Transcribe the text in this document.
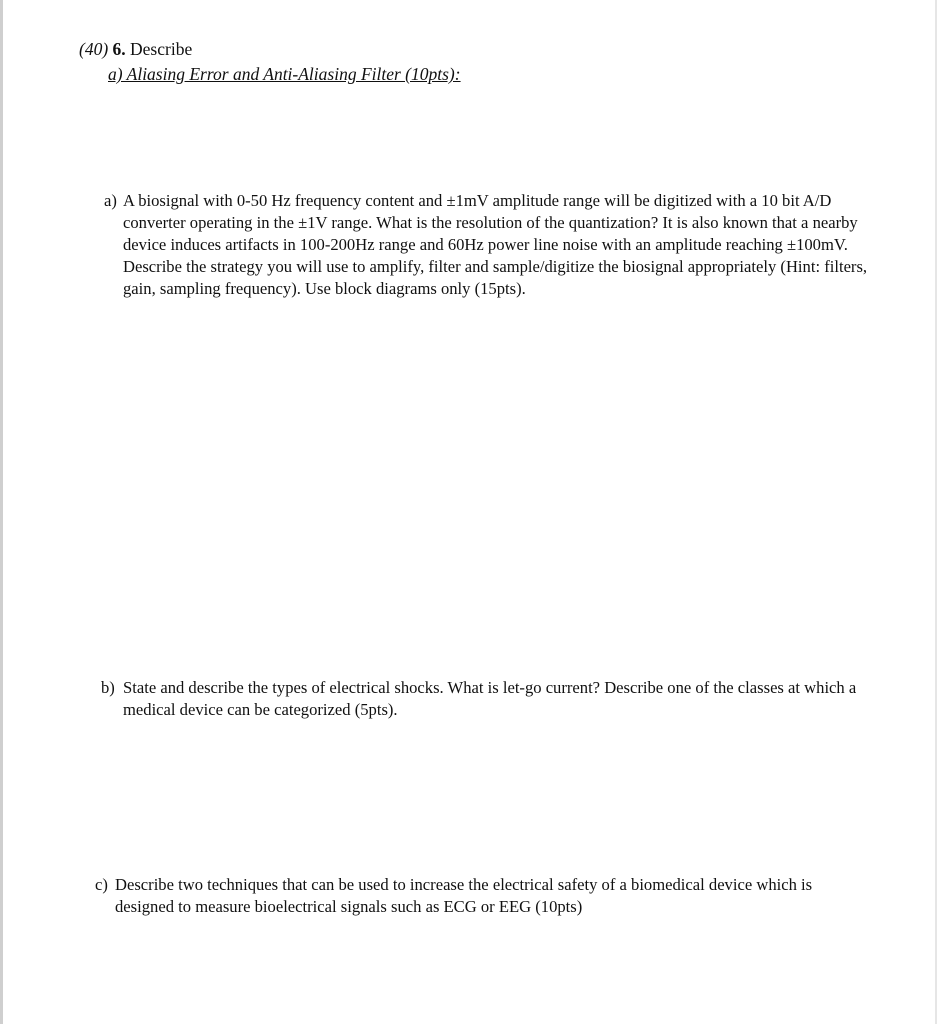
(40) 6. Describe
a) Aliasing Error and Anti-Aliasing Filter (10pts):
a) A biosignal with 0-50 Hz frequency content and ±1mV amplitude range will be digitized with a 10 bit A/D converter operating in the ±1V range. What is the resolution of the quantization? It is also known that a nearby device induces artifacts in 100-200Hz range and 60Hz power line noise with an amplitude reaching ±100mV. Describe the strategy you will use to amplify, filter and sample/digitize the biosignal appropriately (Hint: filters, gain, sampling frequency). Use block diagrams only (15pts).
b) State and describe the types of electrical shocks. What is let-go current? Describe one of the classes at which a medical device can be categorized (5pts).
c) Describe two techniques that can be used to increase the electrical safety of a biomedical device which is designed to measure bioelectrical signals such as ECG or EEG (10pts)
